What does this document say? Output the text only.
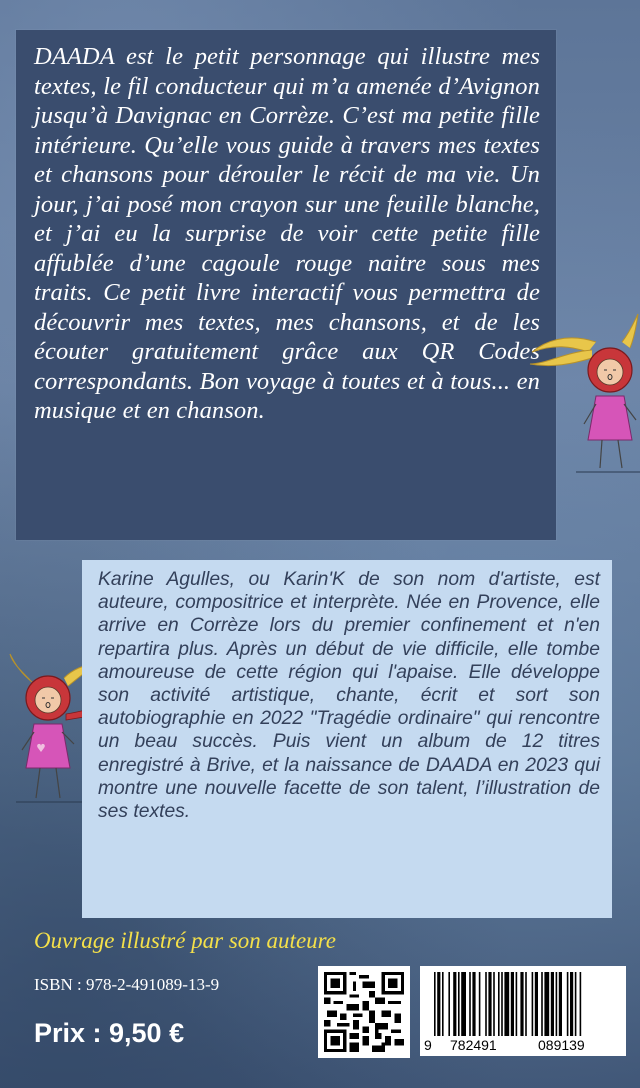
DAADA est le petit personnage qui illustre mes textes, le fil conducteur qui m’a amenée d’Avignon jusqu’à Davignac en Corrèze. C’est ma petite fille intérieure. Qu’elle vous guide à travers mes textes et chansons pour dérouler le récit de ma vie. Un jour, j’ai posé mon crayon sur une feuille blanche, et j’ai eu la surprise de voir cette petite fille affublée d’une cagoule rouge naitre sous mes traits. Ce petit livre interactif vous permettra de découvrir mes textes, mes chansons, et de les écouter gratuitement grâce aux QR Codes correspondants. Bon voyage à toutes et à tous... en musique et en chanson.

Karine Agulles, ou Karin'K de son nom d'artiste, est auteure, compositrice et interprète. Née en Provence, elle arrive en Corrèze lors du premier confinement et n'en repartira plus. Après un début de vie difficile, elle tombe amoureuse de cette région qui l'apaise. Elle développe son activité artistique, chante, écrit et sort son autobiographie en 2022 "Tragédie ordinaire" qui rencontre un beau succès. Puis vient un album de 12 titres enregistré à Brive, et la naissance de DAADA en 2023 qui montre une nouvelle facette de son talent, l’illustration de ses textes.

Ouvrage illustré par son auteure

ISBN : 978-2-491089-13-9

Prix : 9,50 €	9 782491	089139
